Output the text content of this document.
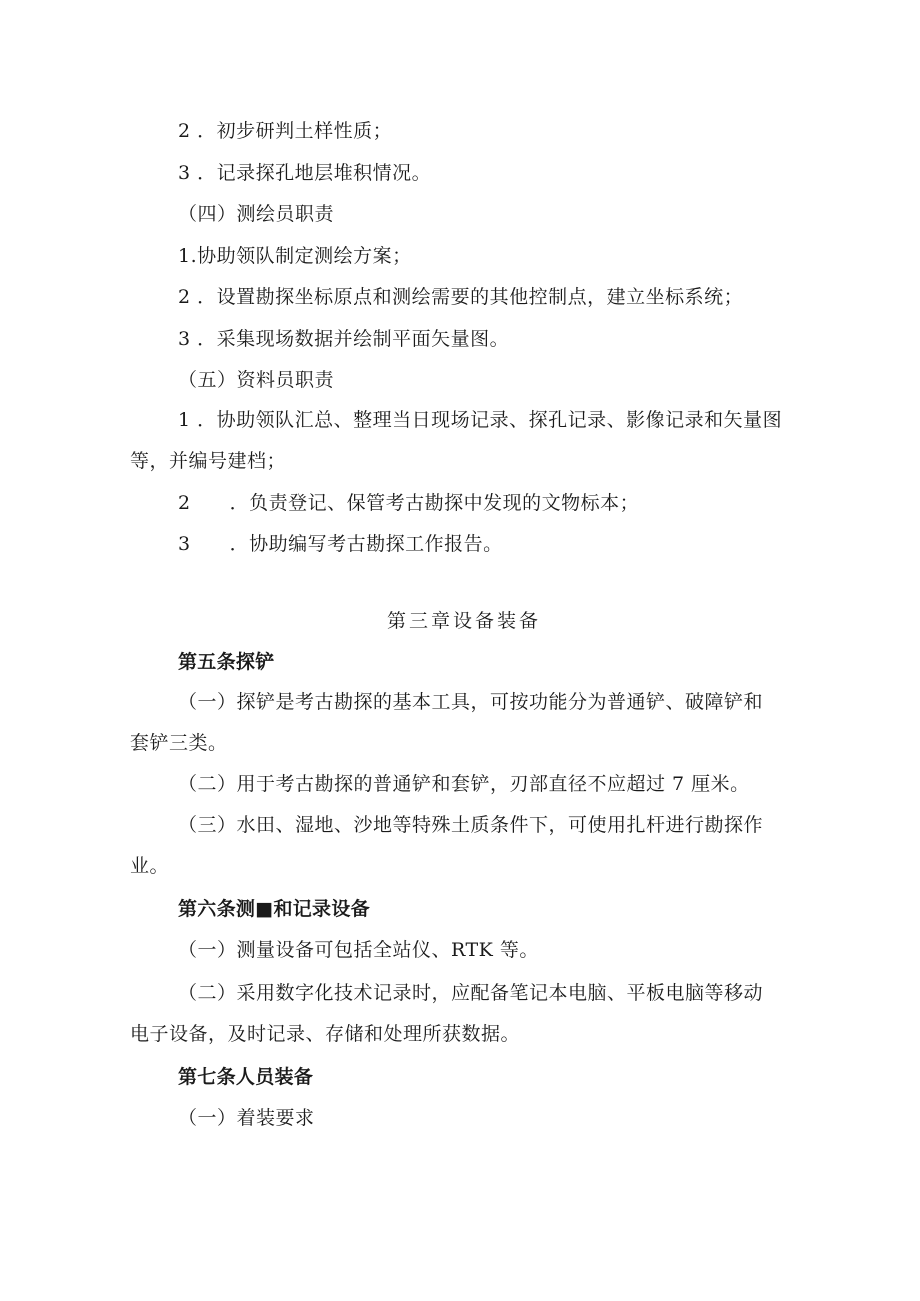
2 ．初步研判土样性质；
3 ．记录探孔地层堆积情况。
（四）测绘员职责
1.协助领队制定测绘方案；
2 ．设置勘探坐标原点和测绘需要的其他控制点，建立坐标系统；
3 ．采集现场数据并绘制平面矢量图。
（五）资料员职责
1 ．协助领队汇总、整理当日现场记录、探孔记录、影像记录和矢量图
等，并编号建档；
2　　．负责登记、保管考古勘探中发现的文物标本；
3　　．协助编写考古勘探工作报告。
第三章设备装备
第五条探铲
（一）探铲是考古勘探的基本工具，可按功能分为普通铲、破障铲和
套铲三类。
（二）用于考古勘探的普通铲和套铲，刃部直径不应超过 7 厘米。
（三）水田、湿地、沙地等特殊土质条件下，可使用扎杆进行勘探作
业。
第六条测■和记录设备
（一）测量设备可包括全站仪、RTK 等。
（二）采用数字化技术记录时，应配备笔记本电脑、平板电脑等移动
电子设备，及时记录、存储和处理所获数据。
第七条人员装备
（一）着装要求
